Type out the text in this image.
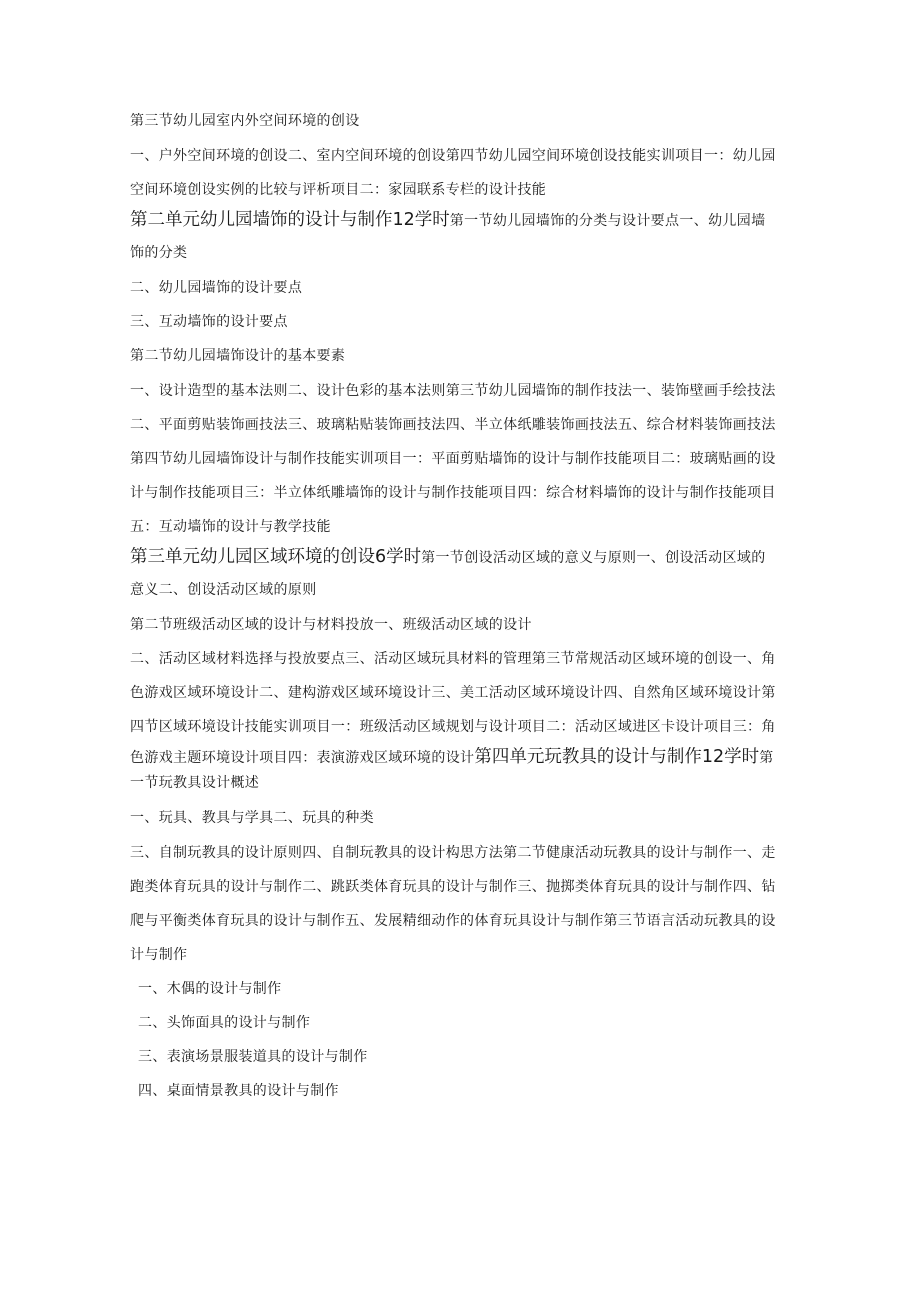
第三节幼儿园室内外空间环境的创设

一、户外空间环境的创设二、室内空间环境的创设第四节幼儿园空间环境创设技能实训项目一：幼儿园

空间环境创设实例的比较与评析项目二：家园联系专栏的设计技能

第二单元幼儿园墙饰的设计与制作12学时第一节幼儿园墙饰的分类与设计要点一、幼儿园墙

饰的分类

二、幼儿园墙饰的设计要点

三、互动墙饰的设计要点

第二节幼儿园墙饰设计的基本要素

一、设计造型的基本法则二、设计色彩的基本法则第三节幼儿园墙饰的制作技法一、装饰壁画手绘技法

二、平面剪贴装饰画技法三、玻璃粘贴装饰画技法四、半立体纸雕装饰画技法五、综合材料装饰画技法

第四节幼儿园墙饰设计与制作技能实训项目一：平面剪贴墙饰的设计与制作技能项目二：玻璃贴画的设

计与制作技能项目三：半立体纸雕墙饰的设计与制作技能项目四：综合材料墙饰的设计与制作技能项目

五：互动墙饰的设计与教学技能

第三单元幼儿园区域环境的创设6学时第一节创设活动区域的意义与原则一、创设活动区域的

意义二、创设活动区域的原则

第二节班级活动区域的设计与材料投放一、班级活动区域的设计

二、活动区域材料选择与投放要点三、活动区域玩具材料的管理第三节常规活动区域环境的创设一、角

色游戏区域环境设计二、建构游戏区域环境设计三、美工活动区域环境设计四、自然角区域环境设计第

四节区域环境设计技能实训项目一：班级活动区域规划与设计项目二：活动区域进区卡设计项目三：角

色游戏主题环境设计项目四：表演游戏区域环境的设计第四单元玩教具的设计与制作12学时第

一节玩教具设计概述

一、玩具、教具与学具二、玩具的种类

三、自制玩教具的设计原则四、自制玩教具的设计构思方法第二节健康活动玩教具的设计与制作一、走

跑类体育玩具的设计与制作二、跳跃类体育玩具的设计与制作三、抛掷类体育玩具的设计与制作四、钻

爬与平衡类体育玩具的设计与制作五、发展精细动作的体育玩具设计与制作第三节语言活动玩教具的设

计与制作

一、木偶的设计与制作

二、头饰面具的设计与制作

三、表演场景服装道具的设计与制作

四、桌面情景教具的设计与制作
